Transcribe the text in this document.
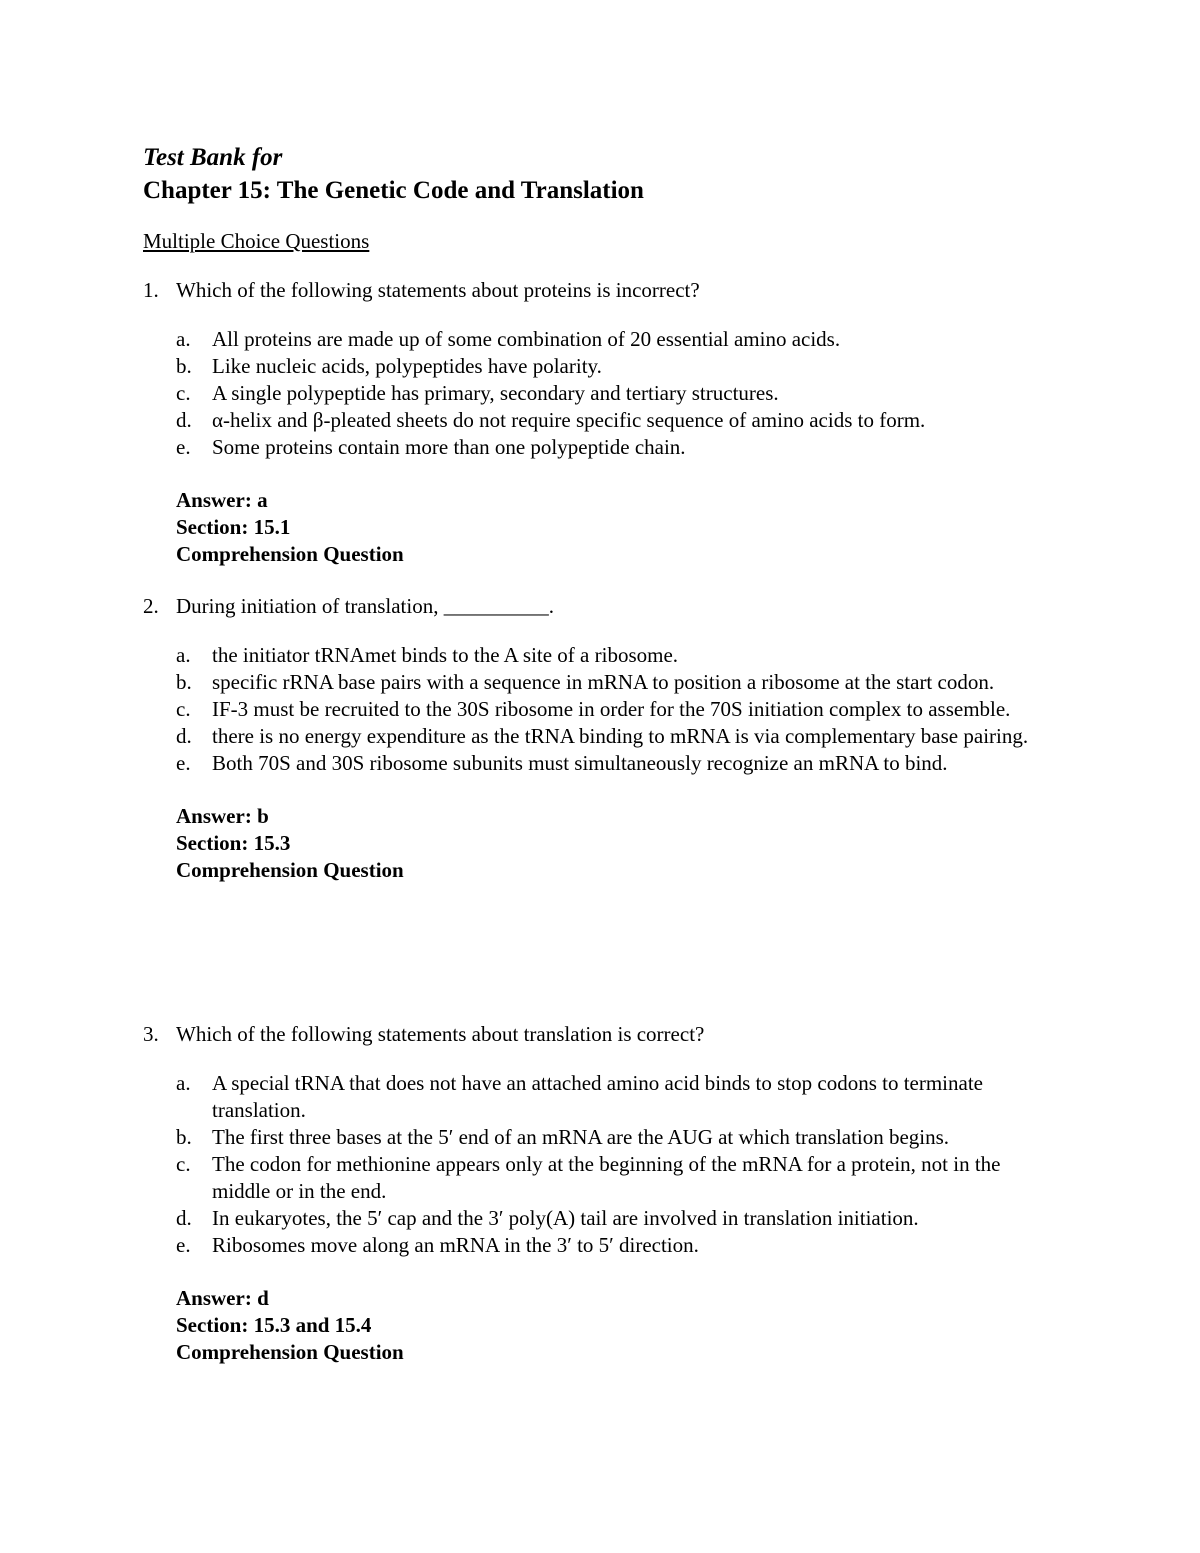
Test Bank for
Chapter 15: The Genetic Code and Translation
Multiple Choice Questions
1. Which of the following statements about proteins is incorrect?
a. All proteins are made up of some combination of 20 essential amino acids.
b. Like nucleic acids, polypeptides have polarity.
c. A single polypeptide has primary, secondary and tertiary structures.
d. α-helix and β-pleated sheets do not require specific sequence of amino acids to form.
e. Some proteins contain more than one polypeptide chain.
Answer: a
Section: 15.1
Comprehension Question
2. During initiation of translation, __________.
a. the initiator tRNAmet binds to the A site of a ribosome.
b. specific rRNA base pairs with a sequence in mRNA to position a ribosome at the start codon.
c. IF-3 must be recruited to the 30S ribosome in order for the 70S initiation complex to assemble.
d. there is no energy expenditure as the tRNA binding to mRNA is via complementary base pairing.
e. Both 70S and 30S ribosome subunits must simultaneously recognize an mRNA to bind.
Answer: b
Section: 15.3
Comprehension Question
3. Which of the following statements about translation is correct?
a. A special tRNA that does not have an attached amino acid binds to stop codons to terminate translation.
b. The first three bases at the 5′ end of an mRNA are the AUG at which translation begins.
c. The codon for methionine appears only at the beginning of the mRNA for a protein, not in the middle or in the end.
d. In eukaryotes, the 5′ cap and the 3′ poly(A) tail are involved in translation initiation.
e. Ribosomes move along an mRNA in the 3′ to 5′ direction.
Answer: d
Section: 15.3 and 15.4
Comprehension Question
